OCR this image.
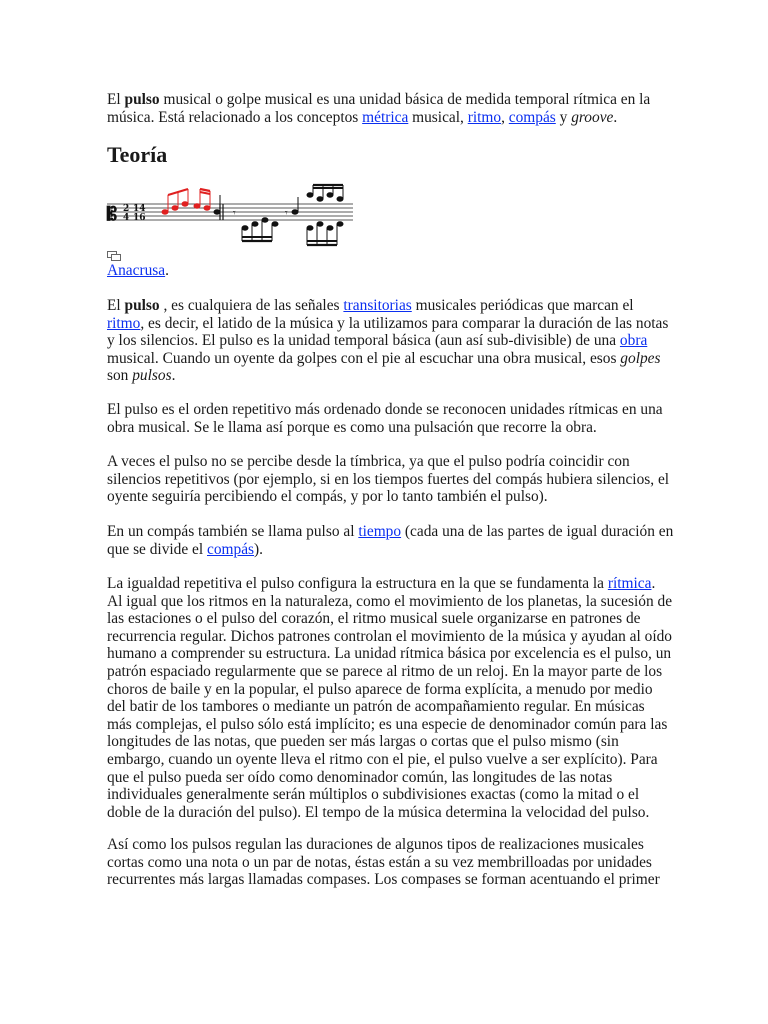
El pulso musical o golpe musical es una unidad básica de medida temporal rítmica en la
música. Está relacionado a los conceptos métrica musical, ritmo, compás y groove.

Teoría
𝄡 2
4
14
16	𝄾	𝄾

Anacrusa.

El pulso , es cualquiera de las señales transitorias musicales periódicas que marcan el
ritmo, es decir, el latido de la música y la utilizamos para comparar la duración de las notas
y los silencios. El pulso es la unidad temporal básica (aun así sub-divisible) de una obra
musical. Cuando un oyente da golpes con el pie al escuchar una obra musical, esos golpes
son pulsos.

El pulso es el orden repetitivo más ordenado donde se reconocen unidades rítmicas en una
obra musical. Se le llama así porque es como una pulsación que recorre la obra.

A veces el pulso no se percibe desde la tímbrica, ya que el pulso podría coincidir con
silencios repetitivos (por ejemplo, si en los tiempos fuertes del compás hubiera silencios, el
oyente seguiría percibiendo el compás, y por lo tanto también el pulso).

En un compás también se llama pulso al tiempo (cada una de las partes de igual duración en
que se divide el compás).

La igualdad repetitiva el pulso configura la estructura en la que se fundamenta la rítmica.
Al igual que los ritmos en la naturaleza, como el movimiento de los planetas, la sucesión de
las estaciones o el pulso del corazón, el ritmo musical suele organizarse en patrones de
recurrencia regular. Dichos patrones controlan el movimiento de la música y ayudan al oído
humano a comprender su estructura. La unidad rítmica básica por excelencia es el pulso, un
patrón espaciado regularmente que se parece al ritmo de un reloj. En la mayor parte de los
choros de baile y en la popular, el pulso aparece de forma explícita, a menudo por medio
del batir de los tambores o mediante un patrón de acompañamiento regular. En músicas
más complejas, el pulso sólo está implícito; es una especie de denominador común para las
longitudes de las notas, que pueden ser más largas o cortas que el pulso mismo (sin
embargo, cuando un oyente lleva el ritmo con el pie, el pulso vuelve a ser explícito). Para
que el pulso pueda ser oído como denominador común, las longitudes de las notas
individuales generalmente serán múltiplos o subdivisiones exactas (como la mitad o el
doble de la duración del pulso). El tempo de la música determina la velocidad del pulso.

Así como los pulsos regulan las duraciones de algunos tipos de realizaciones musicales
cortas como una nota o un par de notas, éstas están a su vez membrilloadas por unidades
recurrentes más largas llamadas compases. Los compases se forman acentuando el primer
